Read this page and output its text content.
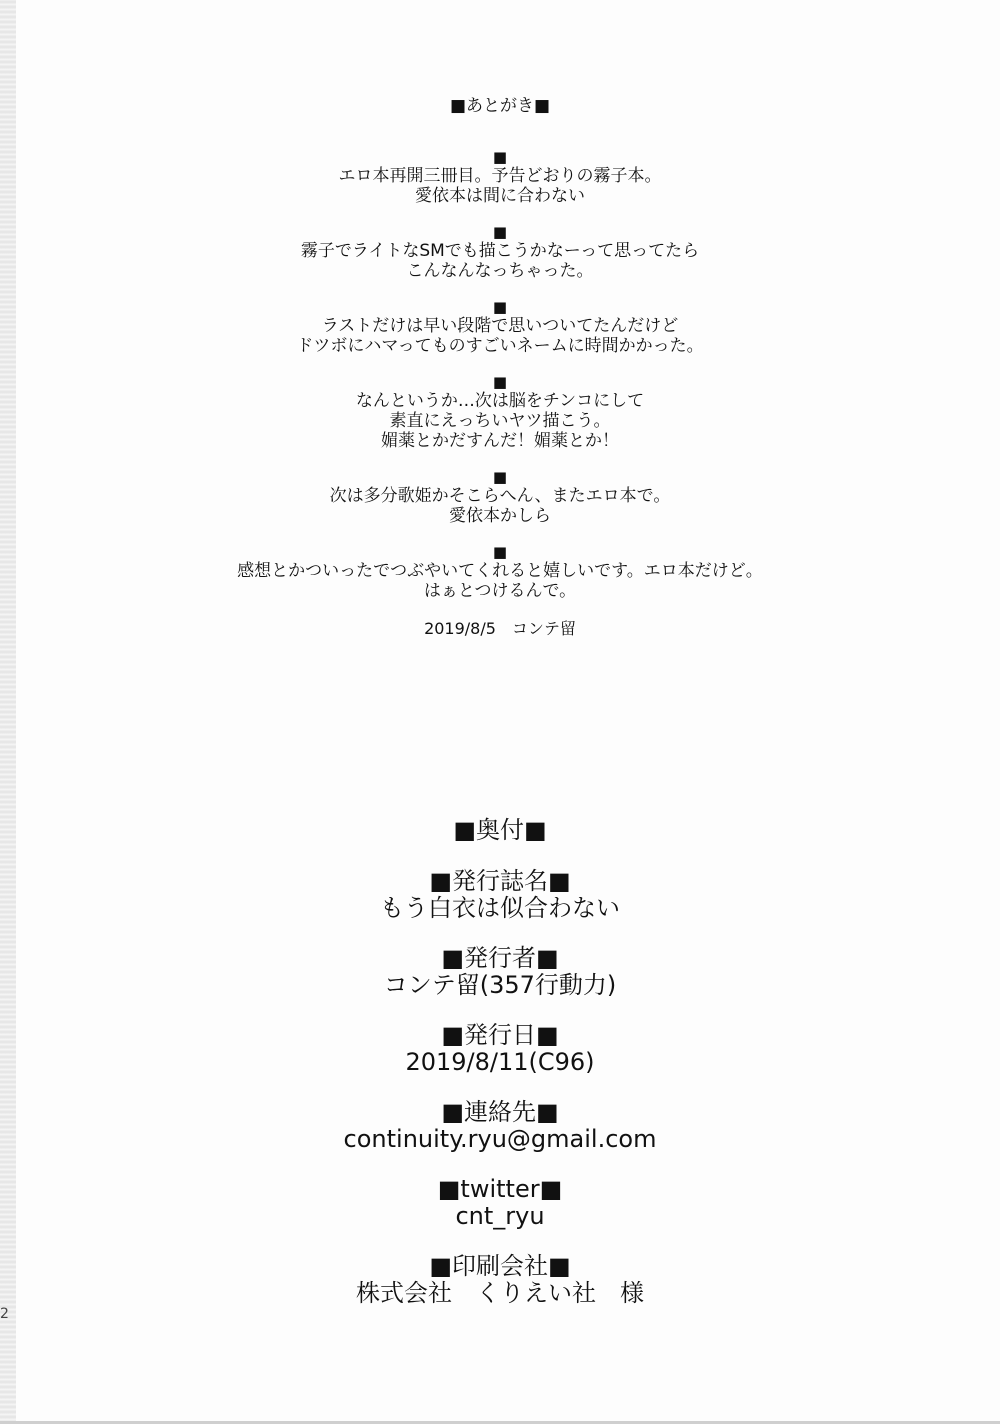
2
■あとがき■
■
エロ本再開三冊目。予告どおりの霧子本。
愛依本は間に合わない
■
霧子でライトなSMでも描こうかなーって思ってたら
こんなんなっちゃった。
■
ラストだけは早い段階で思いついてたんだけど
ドツボにハマってものすごいネームに時間かかった。
■
なんというか…次は脳をチンコにして
素直にえっちいヤツ描こう。
媚薬とかだすんだ！媚薬とか！
■
次は多分歌姫かそこらへん、またエロ本で。
愛依本かしら
■
感想とかついったでつぶやいてくれると嬉しいです。エロ本だけど。
はぁとつけるんで。
2019/8/5　コンテ留
■奥付■
■発行誌名■
もう白衣は似合わない
■発行者■
コンテ留(357行動力)
■発行日■
2019/8/11(C96)
■連絡先■
continuity.ryu@gmail.com
■twitter■
cnt_ryu
■印刷会社■
株式会社　くりえい社　様
